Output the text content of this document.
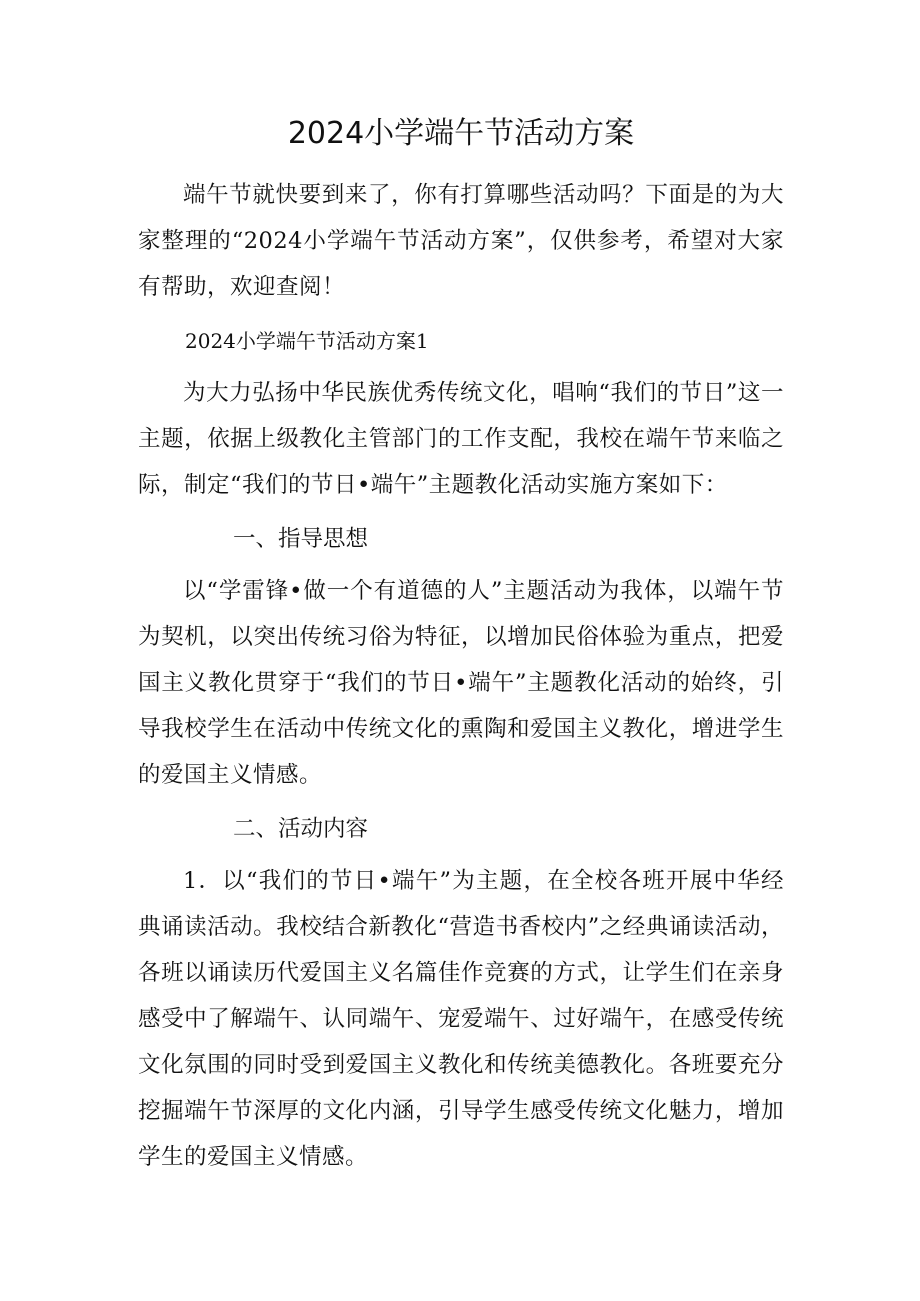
2024小学端午节活动方案

端午节就快要到来了，你有打算哪些活动吗？下面是的为大家整理的“2024小学端午节活动方案”，仅供参考，希望对大家有帮助，欢迎查阅！

2024小学端午节活动方案1

为大力弘扬中华民族优秀传统文化，唱响“我们的节日”这一主题，依据上级教化主管部门的工作支配，我校在端午节来临之际，制定“我们的节日•端午”主题教化活动实施方案如下：

一、指导思想

以“学雷锋•做一个有道德的人”主题活动为我体，以端午节为契机，以突出传统习俗为特征，以增加民俗体验为重点，把爱国主义教化贯穿于“我们的节日•端午”主题教化活动的始终，引导我校学生在活动中传统文化的熏陶和爱国主义教化，增进学生的爱国主义情感。

二、活动内容

1．以“我们的节日•端午”为主题，在全校各班开展中华经典诵读活动。我校结合新教化“营造书香校内”之经典诵读活动，各班以诵读历代爱国主义名篇佳作竞赛的方式，让学生们在亲身感受中了解端午、认同端午、宠爱端午、过好端午，在感受传统文化氛围的同时受到爱国主义教化和传统美德教化。各班要充分挖掘端午节深厚的文化内涵，引导学生感受传统文化魅力，增加学生的爱国主义情感。
